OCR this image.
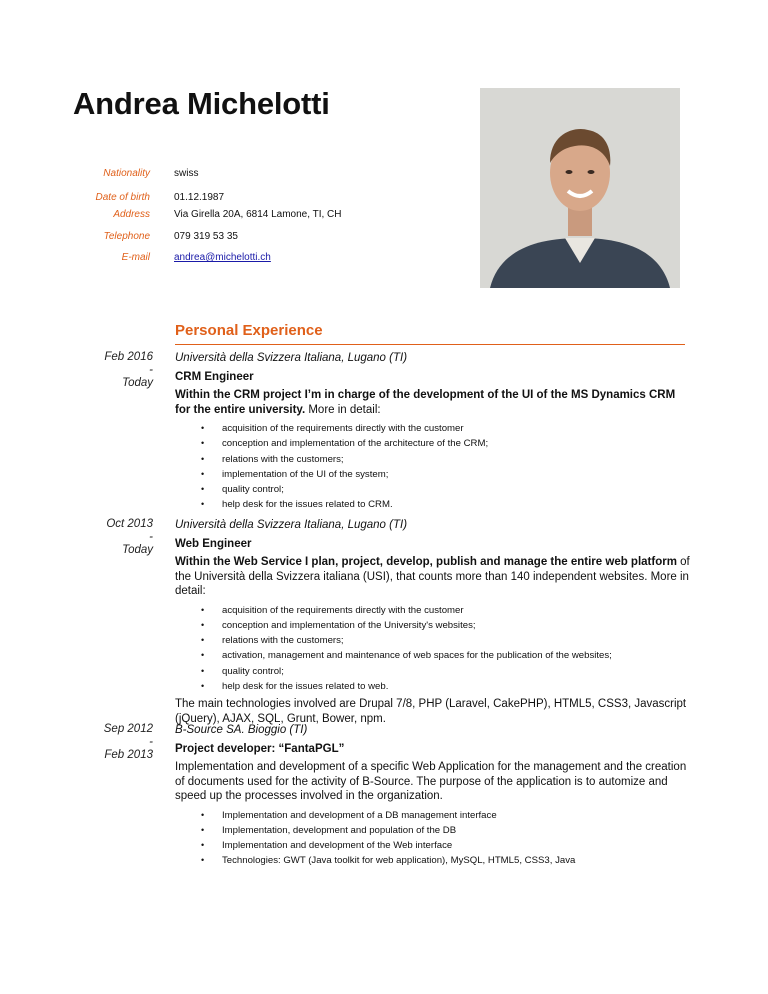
Andrea Michelotti
Nationality swiss
Date of birth 01.12.1987
Address Via Girella 20A, 6814 Lamone, TI, CH
Telephone 079 319 53 35
E-mail andrea@michelotti.ch
Personal Experience
Feb 2016
-
Today

Università della Svizzera Italiana, Lugano (TI)

CRM Engineer

Within the CRM project I’m in charge of the development of the UI of the MS Dynamics CRM for the entire university. More in detail:

• acquisition of the requirements directly with the customer
• conception and implementation of the architecture of the CRM;
• relations with the customers;
• implementation of the UI of the system;
• quality control;
• help desk for the issues related to CRM.
Oct 2013
-
Today

Università della Svizzera Italiana, Lugano (TI)

Web Engineer

Within the Web Service I plan, project, develop, publish and manage the entire web platform of the Università della Svizzera italiana (USI), that counts more than 140 independent websites. More in detail:

• acquisition of the requirements directly with the customer
• conception and implementation of the University's websites;
• relations with the customers;
• activation, management and maintenance of web spaces for the publication of the websites;
• quality control;
• help desk for the issues related to web.

The main technologies involved are Drupal 7/8, PHP (Laravel, CakePHP), HTML5, CSS3, Javascript (jQuery), AJAX, SQL, Grunt, Bower, npm.

Sep 2012
-
Feb 2013

B-Source SA. Bioggio (TI)

Project developer: “FantaPGL”

Implementation and development of a specific Web Application for the management and the creation of documents used for the activity of B-Source. The purpose of the application is to automize and speed up the processes involved in the organization.

• Implementation and development of a DB management interface
• Implementation, development and population of the DB
• Implementation and development of the Web interface
• Technologies: GWT (Java toolkit for web application), MySQL, HTML5, CSS3, Java
